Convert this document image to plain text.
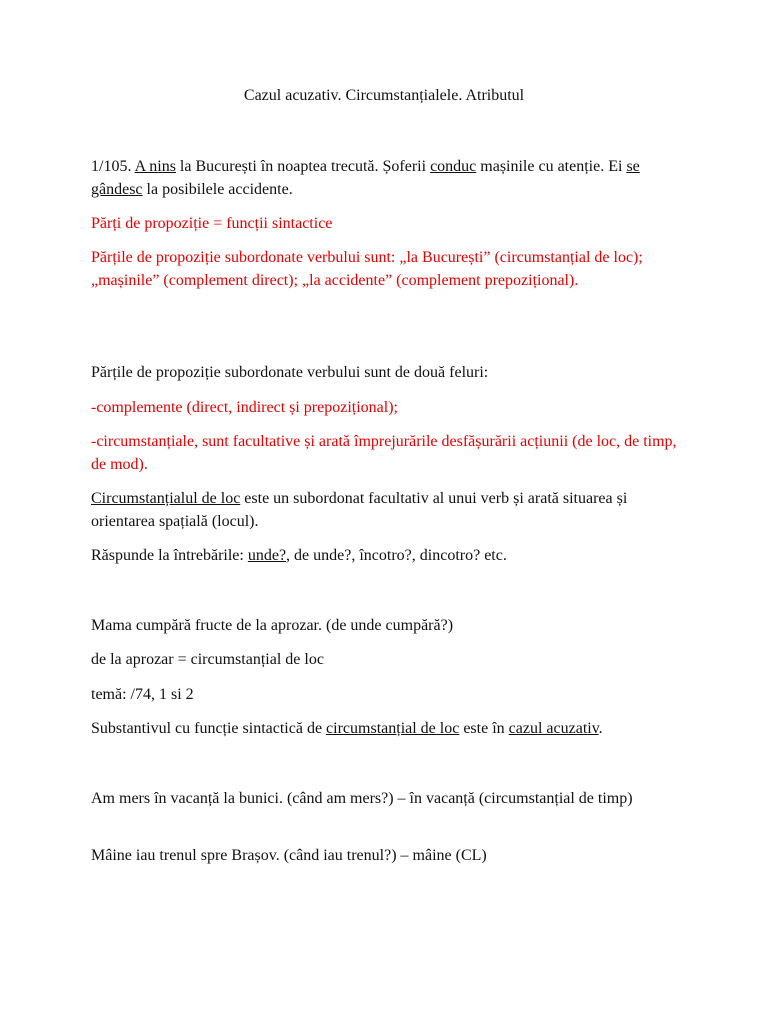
Cazul acuzativ. Circumstanțialele. Atributul
1/105. A nins la București în noaptea trecută. Șoferii conduc mașinile cu atenție. Ei se gândesc la posibilele accidente.
Părți de propoziție = funcții sintactice
Părțile de propoziție subordonate verbului sunt: „la București” (circumstanțial de loc); „mașinile” (complement direct); „la accidente” (complement prepozițional).
Părțile de propoziție subordonate verbului sunt de două feluri:
-complemente (direct, indirect și prepozițional);
-circumstanțiale, sunt facultative și arată împrejurările desfășurării acțiunii (de loc, de timp, de mod).
Circumstanțialul de loc este un subordonat facultativ al unui verb și arată situarea și orientarea spațială (locul).
Răspunde la întrebările: unde?, de unde?, încotro?, dincotro? etc.
Mama cumpără fructe de la aprozar. (de unde cumpără?)
de la aprozar = circumstanțial de loc
temă: /74, 1 si 2
Substantivul cu funcție sintactică de circumstanțial de loc este în cazul acuzativ.
Am mers în vacanță la bunici. (când am mers?) – în vacanță (circumstanțial de timp)
Mâine iau trenul spre Brașov. (când iau trenul?) – mâine (CL)
